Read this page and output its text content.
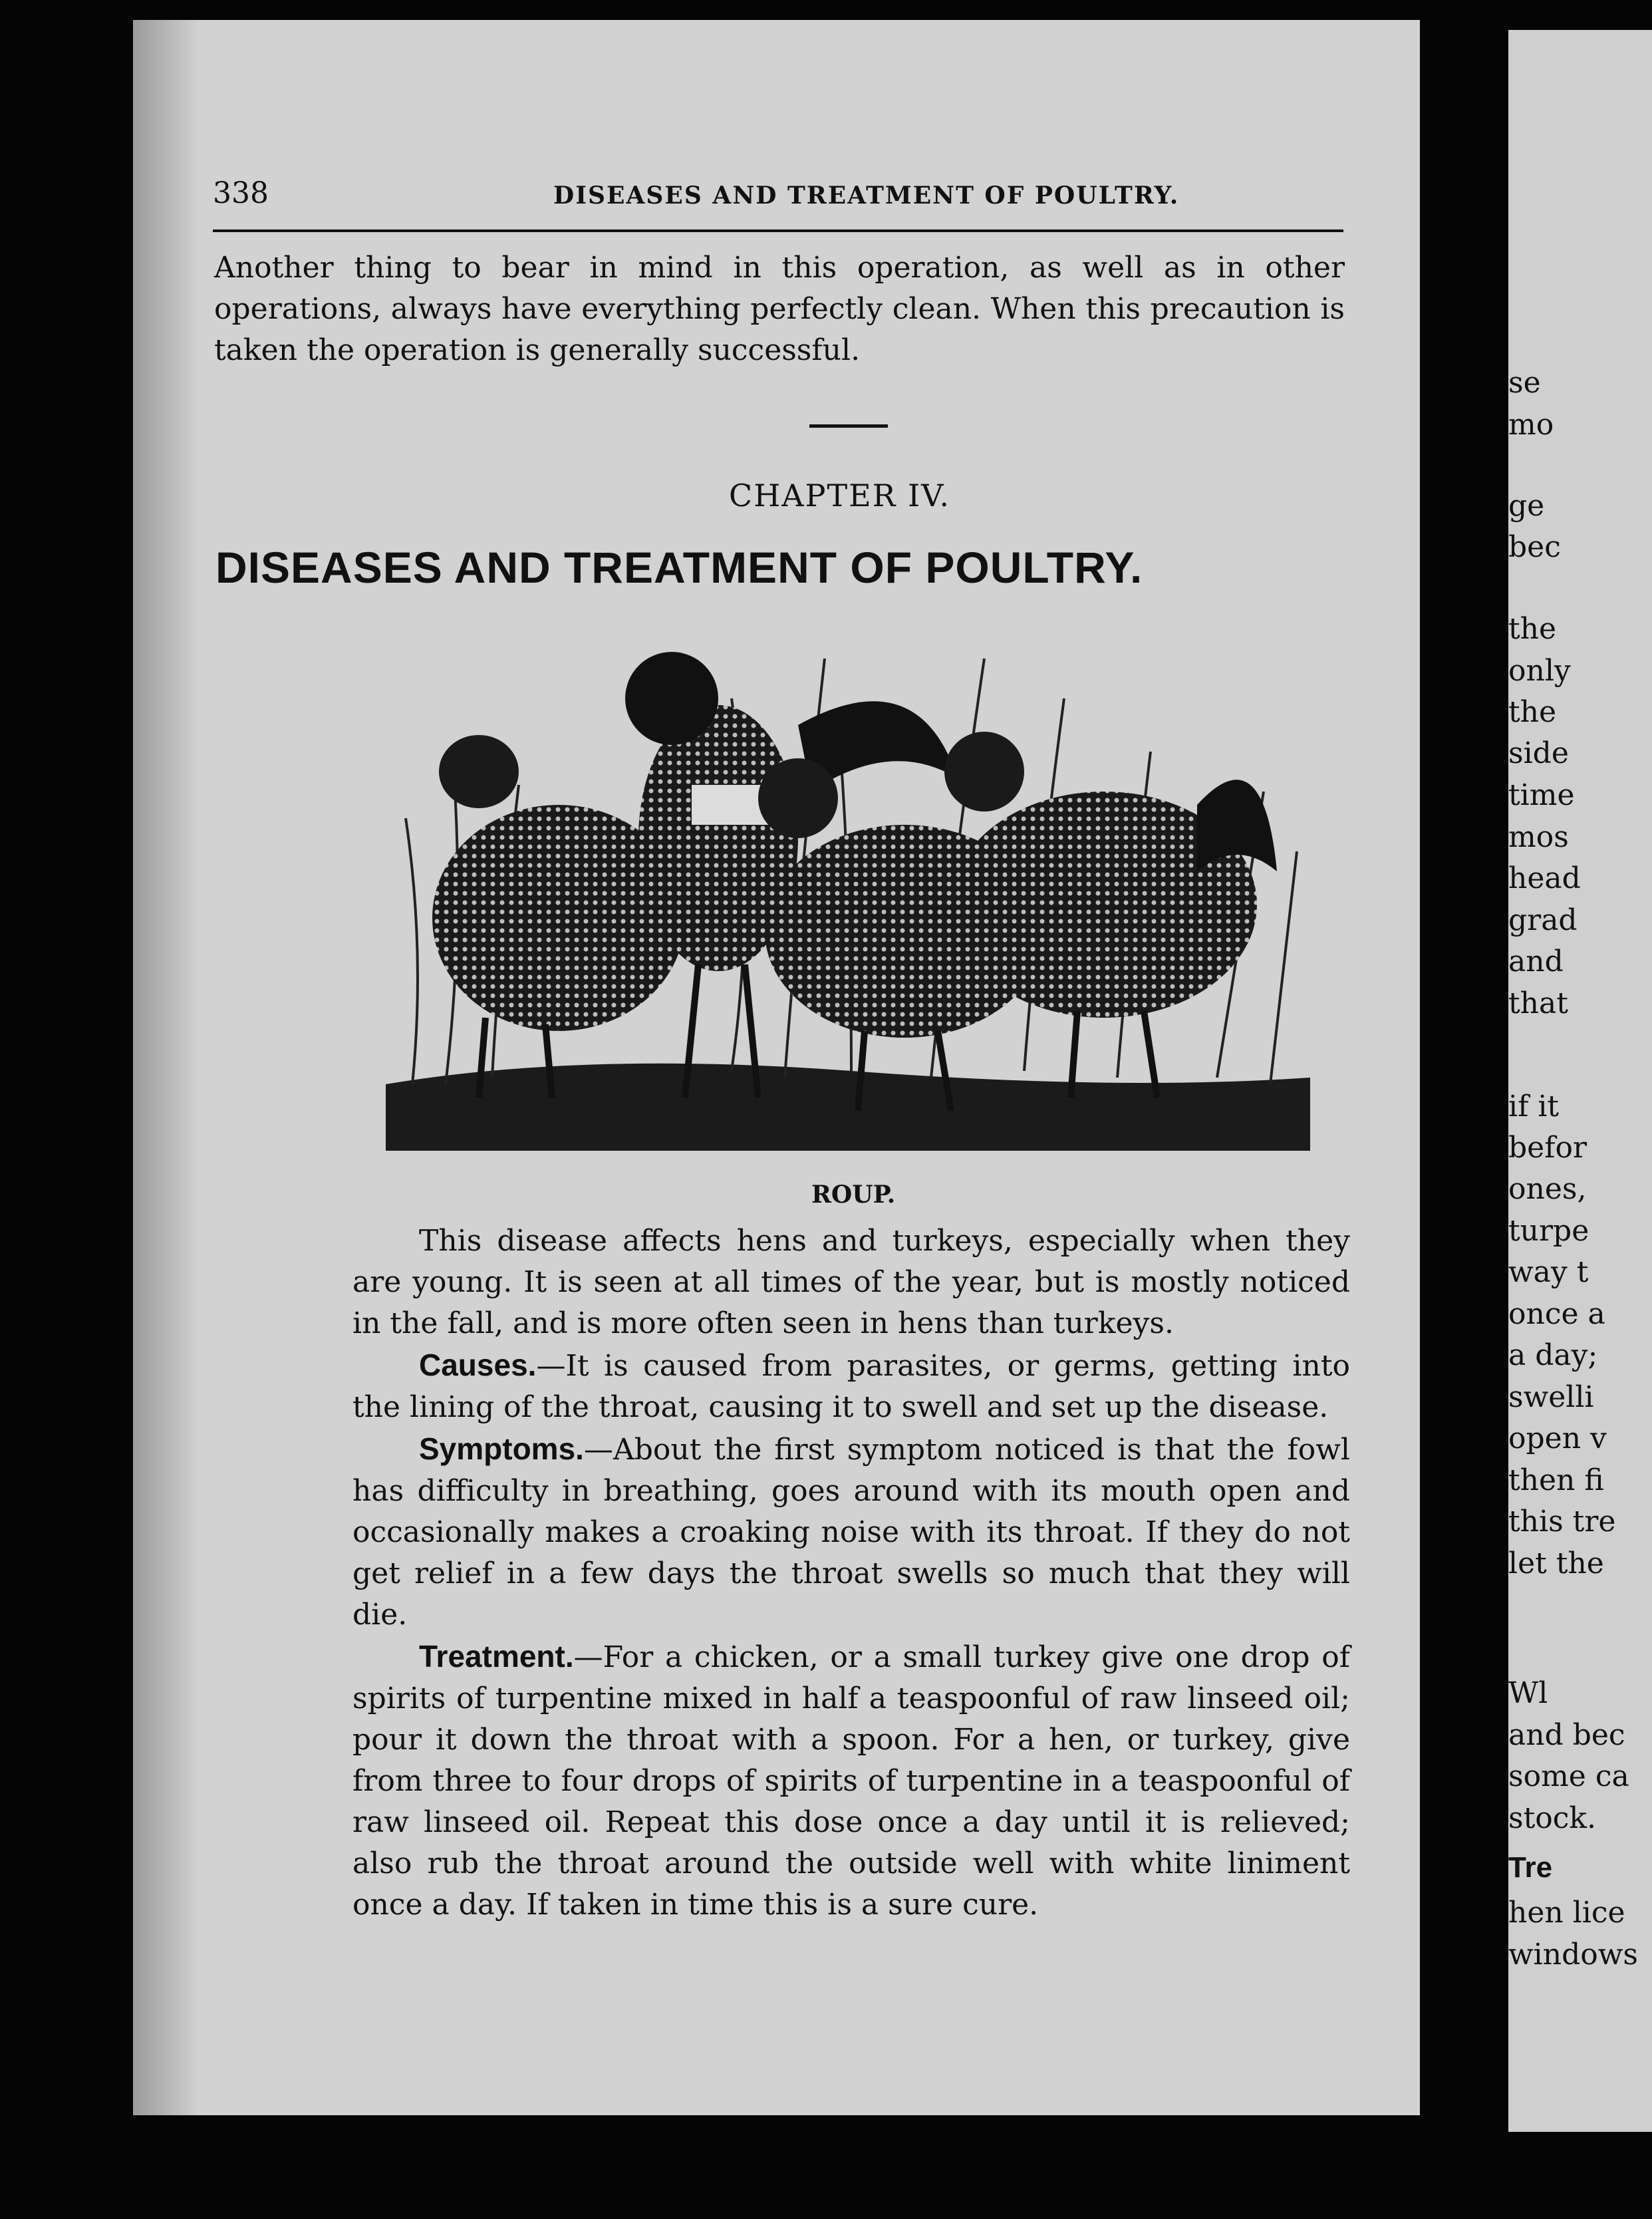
se
mo
ge
bec
the
only
the
side
time
mos
head
grad
and
that
if it
befor
ones,
turpe
way t
once a
a day;
swelli
open v
then fi
this tre
let the
Wl
and bec
some ca
stock.
Tre
hen lice
windows
338	DISEASES AND TREATMENT OF POULTRY.
Another thing to bear in mind in this operation, as well as in other operations, always have everything perfectly clean. When this precaution is taken the operation is generally successful.
CHAPTER IV.
DISEASES AND TREATMENT OF POULTRY.
ROUP.

This disease affects hens and turkeys, especially when they are young. It is seen at all times of the year, but is mostly noticed in the fall, and is more often seen in hens than turkeys.

Causes.—It is caused from parasites, or germs, getting into the lining of the throat, causing it to swell and set up the disease.

Symptoms.—About the first symptom noticed is that the fowl has difficulty in breathing, goes around with its mouth open and occasionally makes a croaking noise with its throat. If they do not get relief in a few days the throat swells so much that they will die.

Treatment.—For a chicken, or a small turkey give one drop of spirits of turpentine mixed in half a teaspoonful of raw linseed oil; pour it down the throat with a spoon. For a hen, or turkey, give from three to four drops of spirits of turpentine in a teaspoonful of raw linseed oil. Repeat this dose once a day until it is relieved; also rub the throat around the outside well with white liniment once a day. If taken in time this is a sure cure.
